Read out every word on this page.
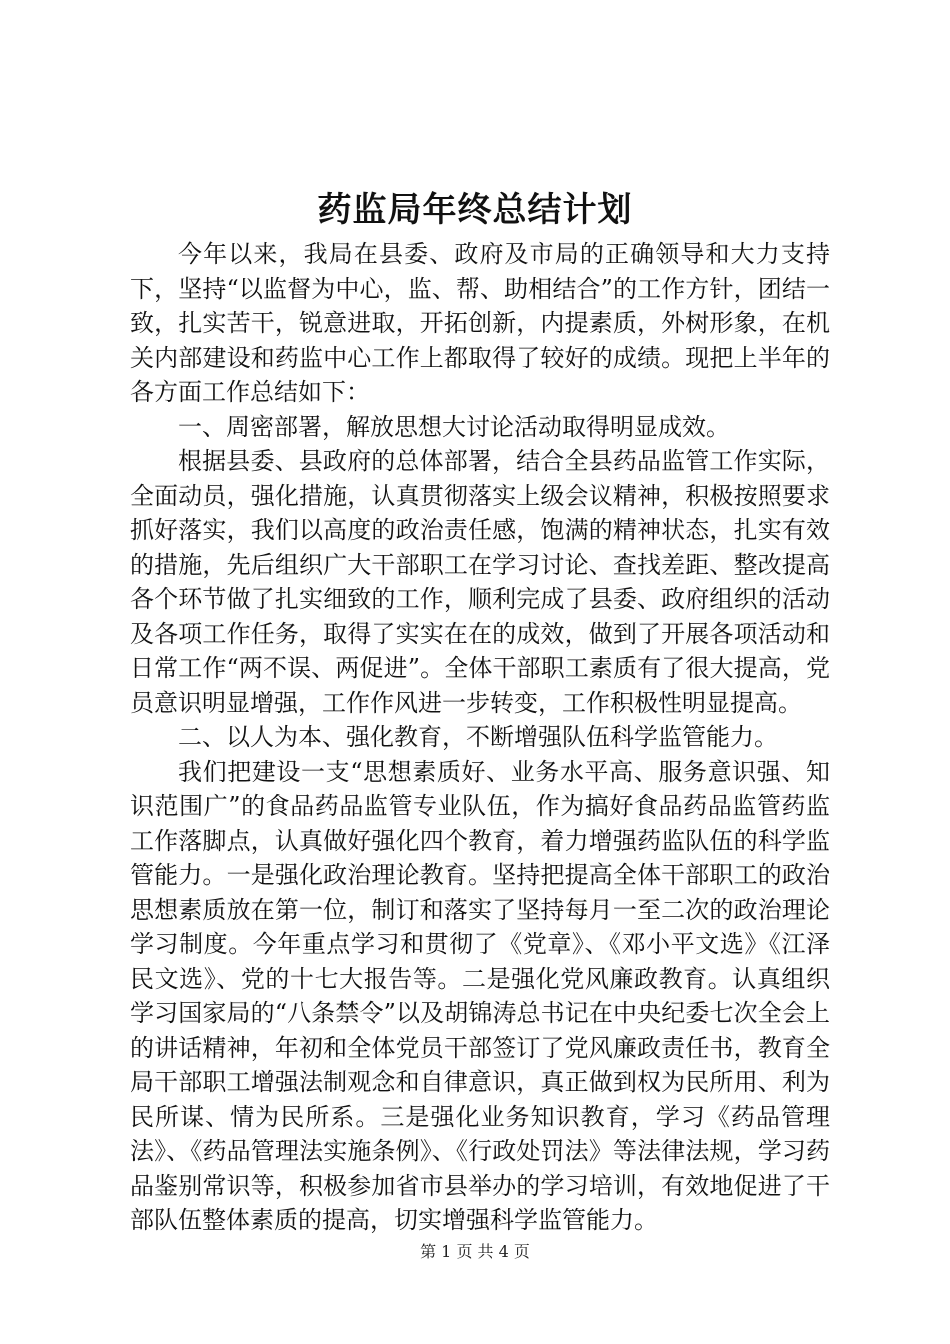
药监局年终总结计划

今年以来，我局在县委、政府及市局的正确领导和大力支持下，坚持“以监督为中心，监、帮、助相结合”的工作方针，团结一致，扎实苦干，锐意进取，开拓创新，内提素质，外树形象，在机关内部建设和药监中心工作上都取得了较好的成绩。现把上半年的各方面工作总结如下：

一、周密部署，解放思想大讨论活动取得明显成效。

根据县委、县政府的总体部署，结合全县药品监管工作实际，全面动员，强化措施，认真贯彻落实上级会议精神，积极按照要求抓好落实，我们以高度的政治责任感，饱满的精神状态，扎实有效的措施，先后组织广大干部职工在学习讨论、查找差距、整改提高各个环节做了扎实细致的工作，顺利完成了县委、政府组织的活动及各项工作任务，取得了实实在在的成效，做到了开展各项活动和日常工作“两不误、两促进”。全体干部职工素质有了很大提高，党员意识明显增强，工作作风进一步转变，工作积极性明显提高。

二、以人为本、强化教育，不断增强队伍科学监管能力。

我们把建设一支“思想素质好、业务水平高、服务意识强、知识范围广”的食品药品监管专业队伍，作为搞好食品药品监管药监工作落脚点，认真做好强化四个教育，着力增强药监队伍的科学监管能力。一是强化政治理论教育。坚持把提高全体干部职工的政治思想素质放在第一位，制订和落实了坚持每月一至二次的政治理论学习制度。今年重点学习和贯彻了《党章》、《邓小平文选》《江泽民文选》、党的十七大报告等。二是强化党风廉政教育。认真组织学习国家局的“八条禁令”以及胡锦涛总书记在中央纪委七次全会上的讲话精神，年初和全体党员干部签订了党风廉政责任书，教育全局干部职工增强法制观念和自律意识，真正做到权为民所用、利为民所谋、情为民所系。三是强化业务知识教育，学习《药品管理法》、《药品管理法实施条例》、《行政处罚法》等法律法规，学习药品鉴别常识等，积极参加省市县举办的学习培训，有效地促进了干部队伍整体素质的提高，切实增强科学监管能力。

第 1 页 共 4 页
